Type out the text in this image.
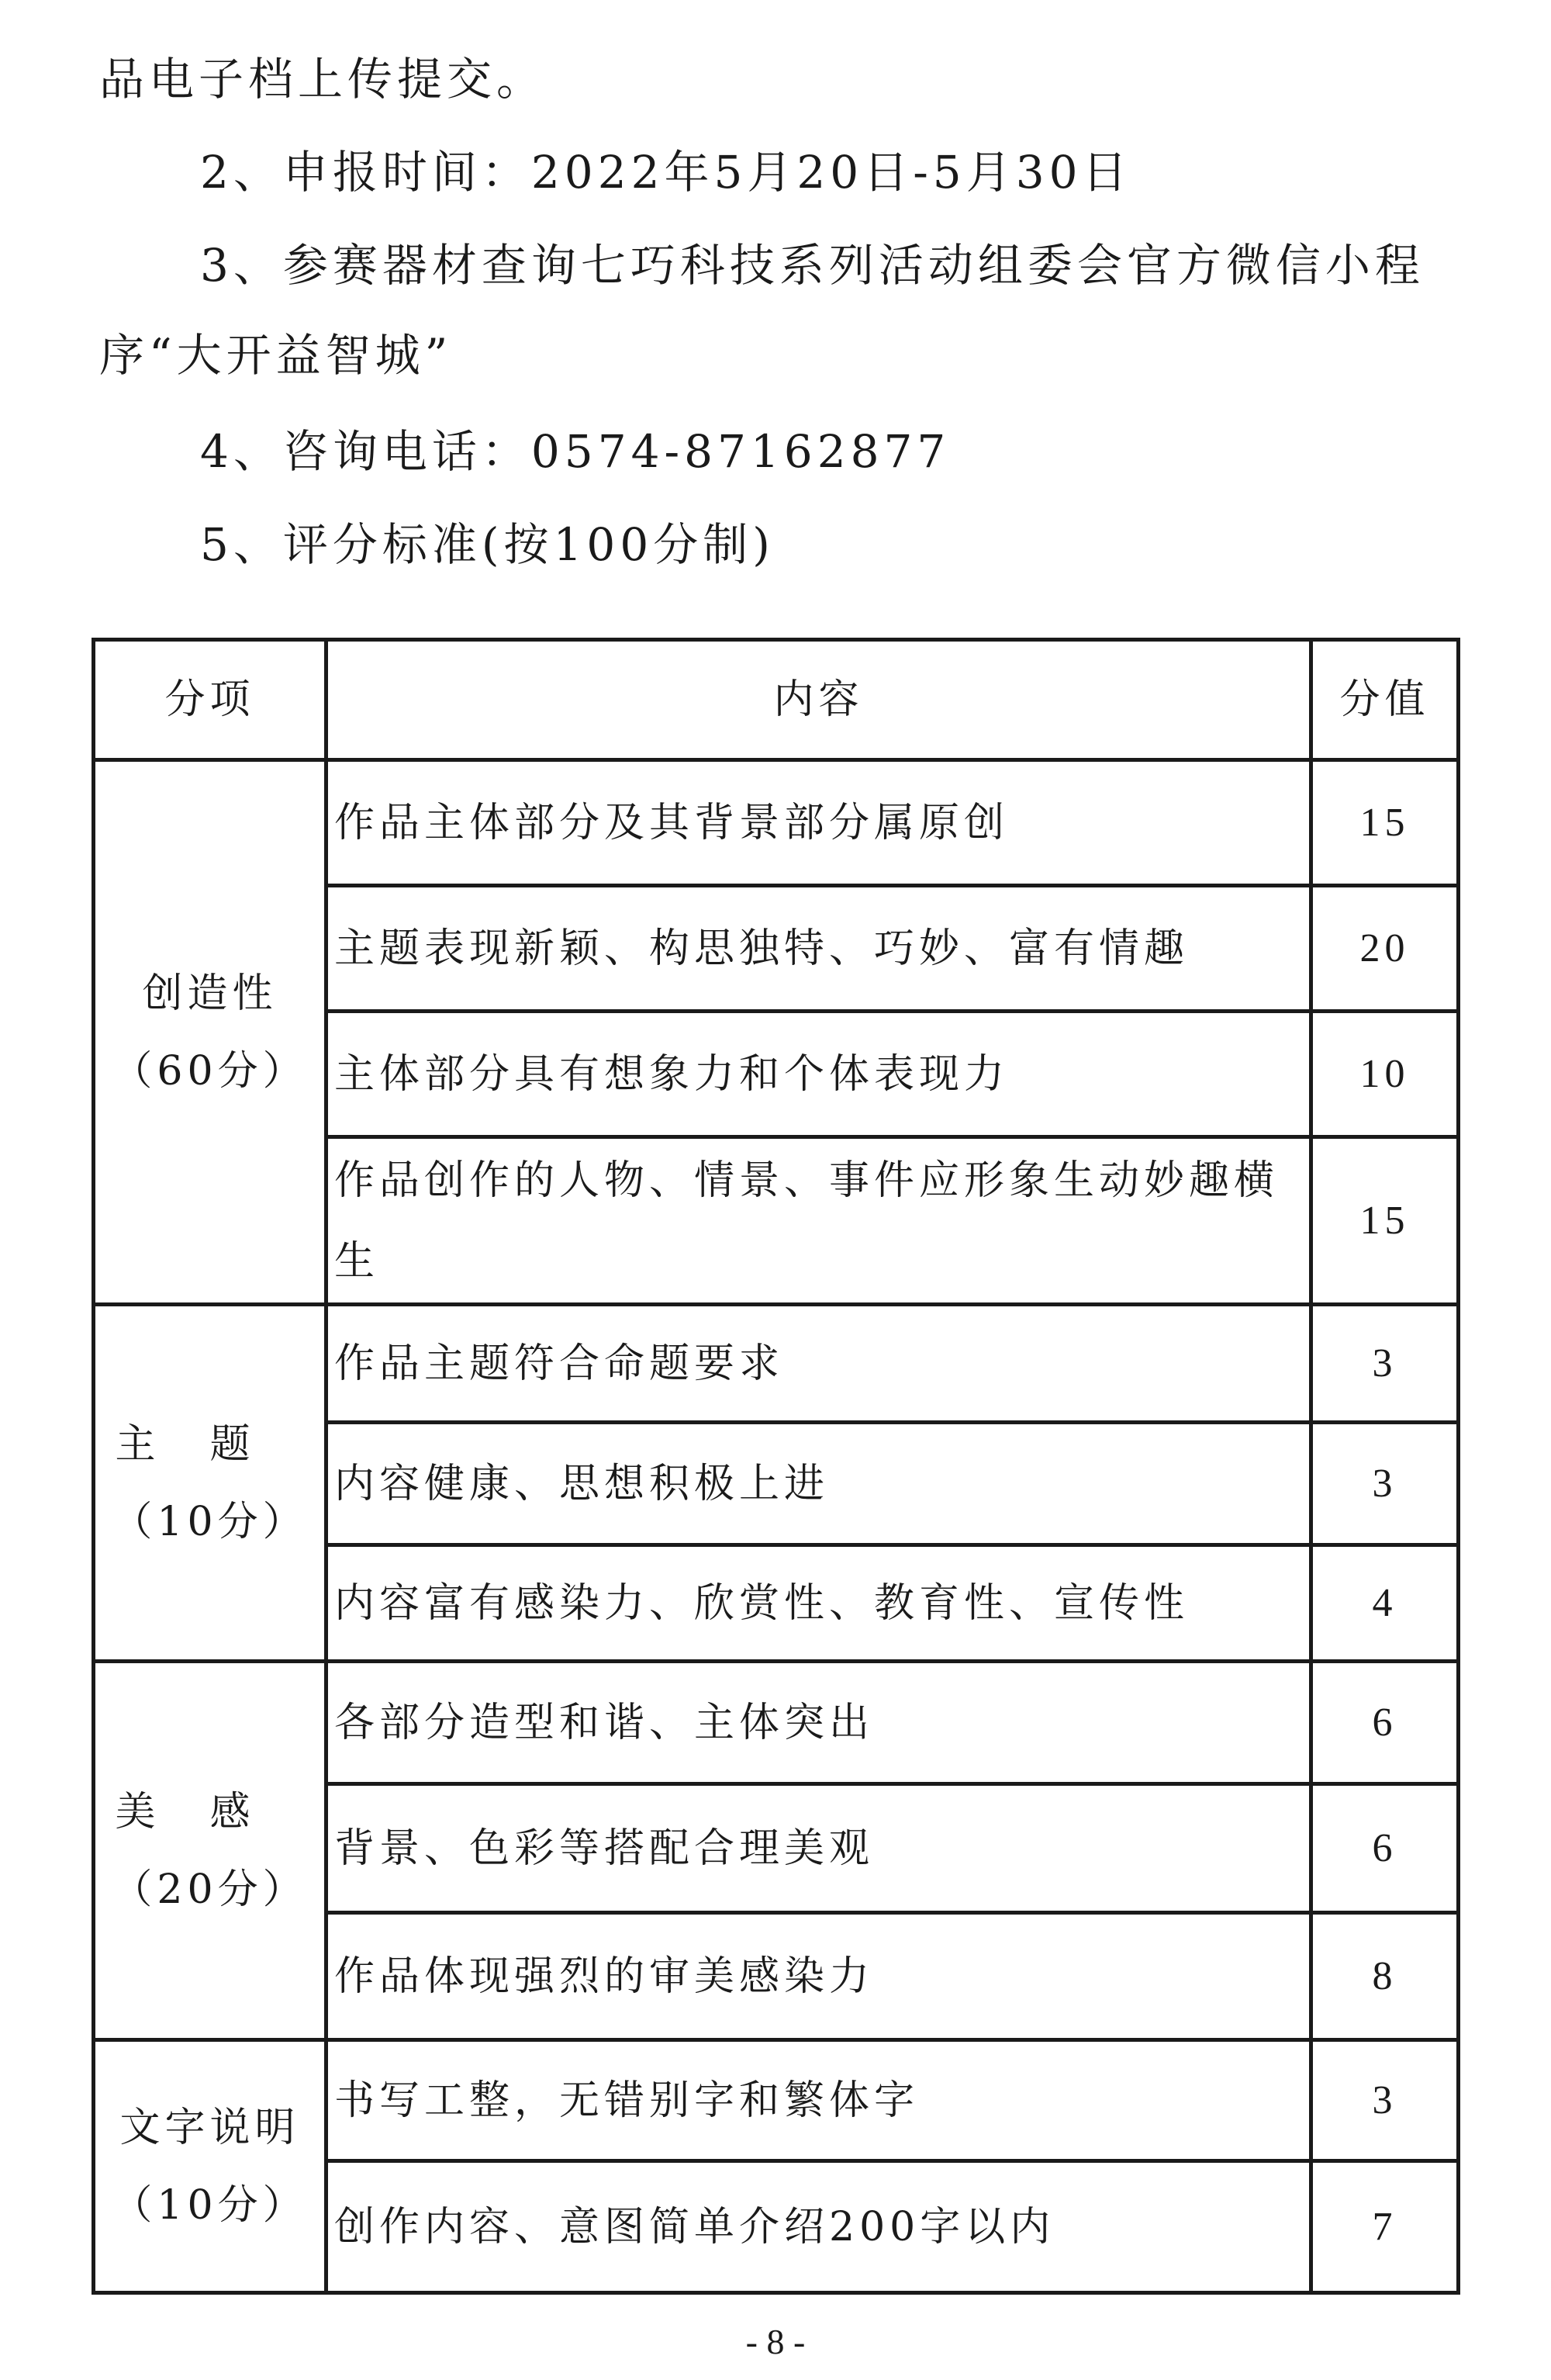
品电子档上传提交。

2、申报时间：2022年5月20日-5月30日

3、参赛器材查询七巧科技系列活动组委会官方微信小程序“大开益智城”

4、咨询电话：0574-87162877

5、评分标准(按100分制)

分项	内容	分值

创造性
（60分）	作品主体部分及其背景部分属原创	15
	主题表现新颖、构思独特、巧妙、富有情趣	20
	主体部分具有想象力和个体表现力	10
	作品创作的人物、情景、事件应形象生动妙趣横生	15

主题
（10分）	作品主题符合命题要求	3
	内容健康、思想积极上进	3
	内容富有感染力、欣赏性、教育性、宣传性	4

美感
（20分）	各部分造型和谐、主体突出	6
	背景、色彩等搭配合理美观	6
	作品体现强烈的审美感染力	8

文字说明
（10分）	书写工整，无错别字和繁体字	3
	创作内容、意图简单介绍200字以内	7
- 8 -
